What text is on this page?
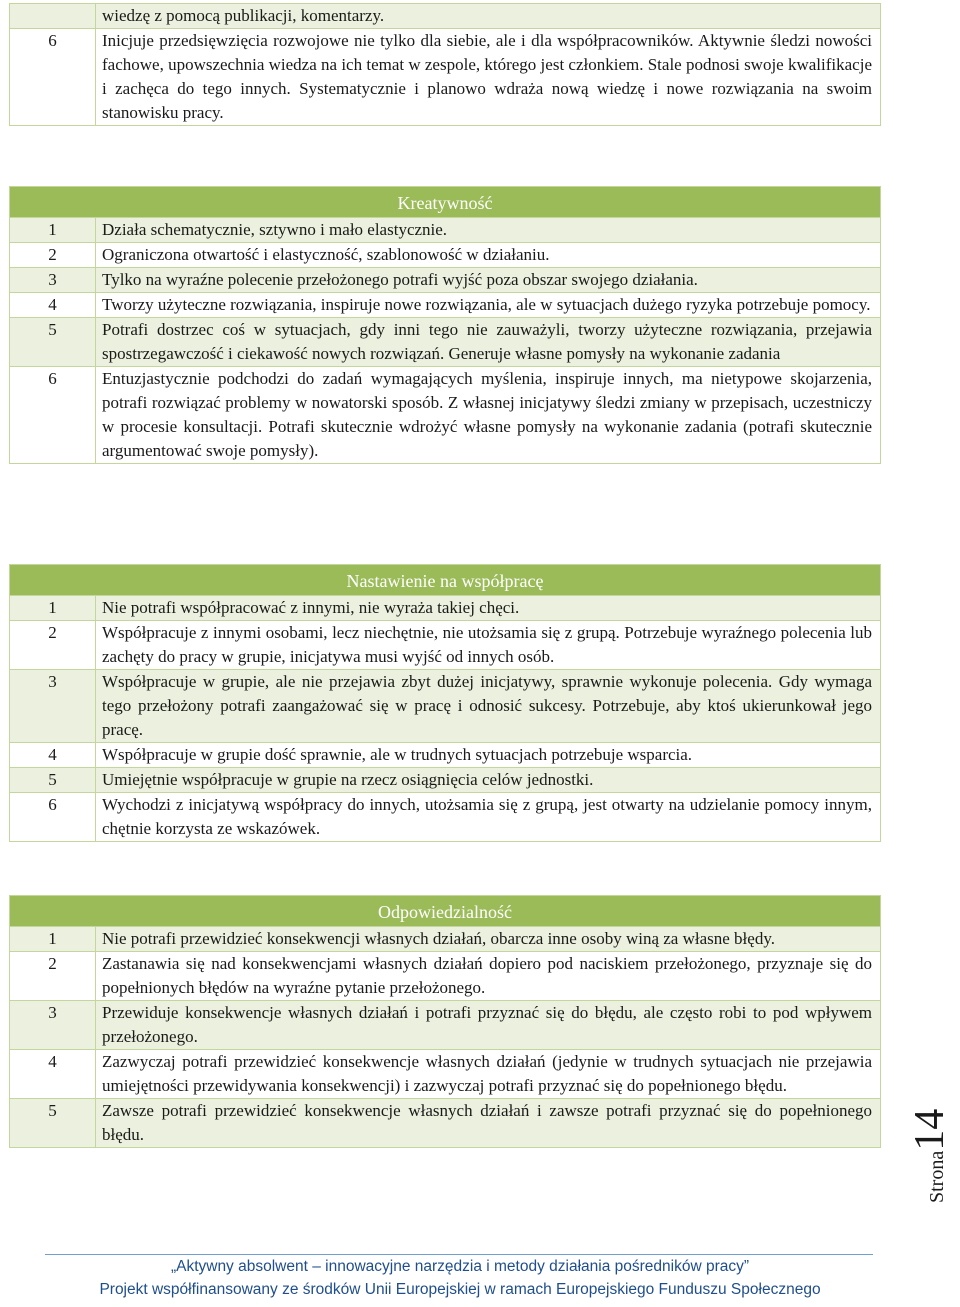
	wiedzę z pomocą publikacji, komentarzy.
6	Inicjuje przedsięwzięcia rozwojowe nie tylko dla siebie, ale i dla współpracowników. Aktywnie śledzi nowości fachowe, upowszechnia wiedza na ich temat w zespole, którego jest członkiem. Stale podnosi swoje kwalifikacje i zachęca do tego innych. Systematycznie i planowo wdraża nową wiedzę i nowe rozwiązania na swoim stanowisku pracy.
Kreatywność	
1	Działa schematycznie, sztywno i mało elastycznie.
2	Ograniczona otwartość i elastyczność, szablonowość w działaniu.
3	Tylko na wyraźne polecenie przełożonego potrafi wyjść poza obszar swojego działania.
4	Tworzy użyteczne rozwiązania, inspiruje nowe rozwiązania, ale w sytuacjach dużego ryzyka potrzebuje pomocy.
5	Potrafi dostrzec coś w sytuacjach, gdy inni tego nie zauważyli, tworzy użyteczne rozwiązania, przejawia spostrzegawczość i ciekawość nowych rozwiązań. Generuje własne pomysły na wykonanie zadania
6	Entuzjastycznie podchodzi do zadań wymagających myślenia, inspiruje innych, ma nietypowe skojarzenia, potrafi rozwiązać problemy w nowatorski sposób. Z własnej inicjatywy śledzi zmiany w przepisach, uczestniczy w procesie konsultacji. Potrafi skutecznie wdrożyć własne pomysły na wykonanie zadania (potrafi skutecznie argumentować swoje pomysły).
Nastawienie na współpracę	
1	Nie potrafi współpracować z innymi, nie wyraża takiej chęci.
2	Współpracuje z innymi osobami, lecz niechętnie, nie utożsamia się z grupą. Potrzebuje wyraźnego polecenia lub zachęty do pracy w grupie, inicjatywa musi wyjść od innych osób.
3	Współpracuje w grupie, ale nie przejawia zbyt dużej inicjatywy, sprawnie wykonuje polecenia. Gdy wymaga tego przełożony potrafi zaangażować się w pracę i odnosić sukcesy. Potrzebuje, aby ktoś ukierunkował jego pracę.
4	Współpracuje w grupie dość sprawnie, ale w trudnych sytuacjach potrzebuje wsparcia.
5	Umiejętnie współpracuje w grupie na rzecz osiągnięcia celów jednostki.
6	Wychodzi z inicjatywą współpracy do innych, utożsamia się z grupą, jest otwarty na udzielanie pomocy innym, chętnie korzysta ze wskazówek.
Odpowiedzialność	
1	Nie potrafi przewidzieć konsekwencji własnych działań, obarcza inne osoby winą za własne błędy.
2	Zastanawia się nad konsekwencjami własnych działań dopiero pod naciskiem przełożonego, przyznaje się do popełnionych błędów na wyraźne pytanie przełożonego.
3	Przewiduje konsekwencje własnych działań i potrafi przyznać się do błędu, ale często robi to pod wpływem przełożonego.
4	Zazwyczaj potrafi przewidzieć konsekwencje własnych działań (jedynie w trudnych sytuacjach nie przejawia umiejętności przewidywania konsekwencji) i zazwyczaj potrafi przyznać się do popełnionego błędu.
5	Zawsze potrafi przewidzieć konsekwencje własnych działań i zawsze potrafi przyznać się do popełnionego błędu.
Strona14
„Aktywny absolwent – innowacyjne narzędzia i metody działania pośredników pracy”
Projekt współfinansowany ze środków Unii Europejskiej w ramach Europejskiego Funduszu Społecznego
